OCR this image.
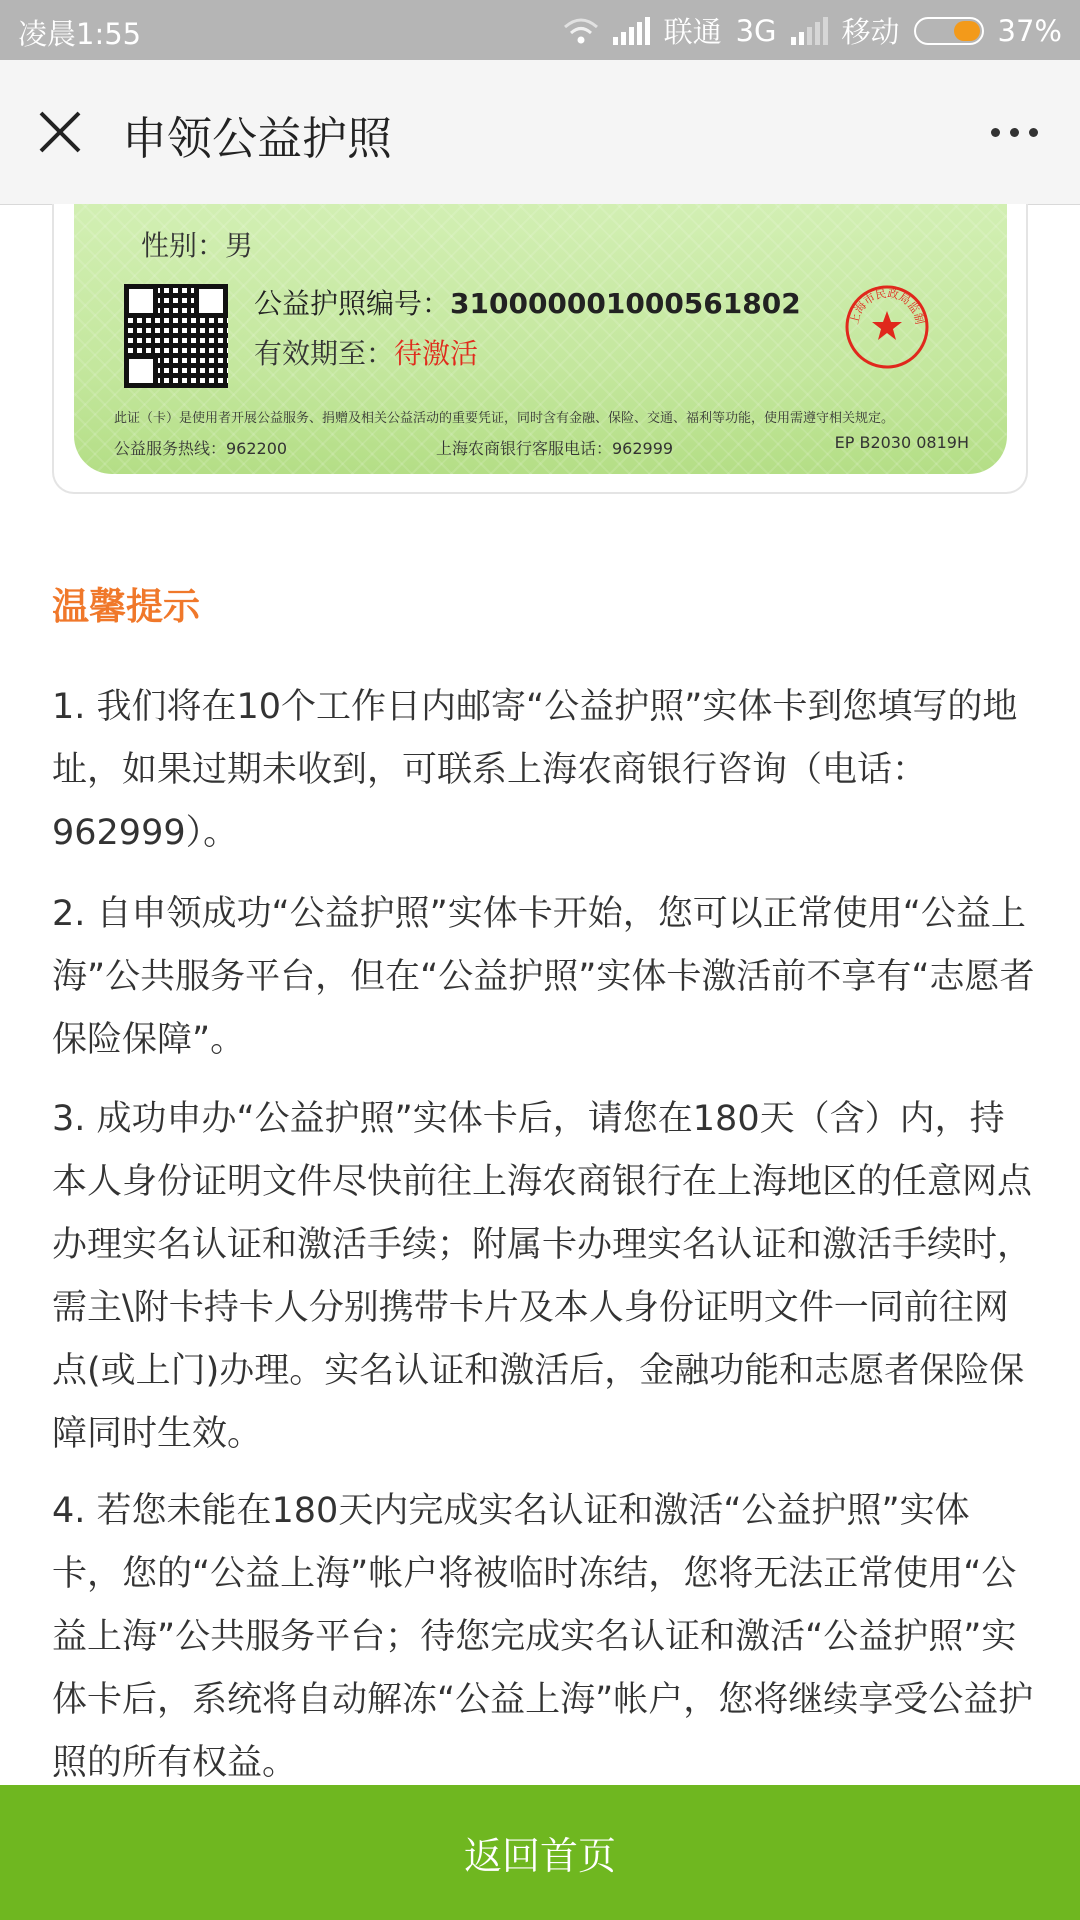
凌晨1:55	联通 3G 移动	37%
申领公益护照
性别：男
公益护照编号：310000001000561802
有效期至：待激活
上海市民政局监制
此证（卡）是使用者开展公益服务、捐赠及相关公益活动的重要凭证，同时含有金融、保险、交通、福利等功能，使用需遵守相关规定。
公益服务热线：962200	上海农商银行客服电话：962999	EP B2030 0819H
温馨提示
1. 我们将在10个工作日内邮寄“公益护照”实体卡到您填写的地址，如果过期未收到，可联系上海农商银行咨询（电话：962999）。
2. 自申领成功“公益护照”实体卡开始，您可以正常使用“公益上海”公共服务平台，但在“公益护照”实体卡激活前不享有“志愿者保险保障”。
3. 成功申办“公益护照”实体卡后，请您在180天（含）内，持本人身份证明文件尽快前往上海农商银行在上海地区的任意网点办理实名认证和激活手续；附属卡办理实名认证和激活手续时，需主\附卡持卡人分别携带卡片及本人身份证明文件一同前往网点(或上门)办理。实名认证和激活后，金融功能和志愿者保险保障同时生效。
4. 若您未能在180天内完成实名认证和激活“公益护照”实体卡，您的“公益上海”帐户将被临时冻结，您将无法正常使用“公益上海”公共服务平台；待您完成实名认证和激活“公益护照”实体卡后，系统将自动解冻“公益上海”帐户，您将继续享受公益护照的所有权益。
返回首页
